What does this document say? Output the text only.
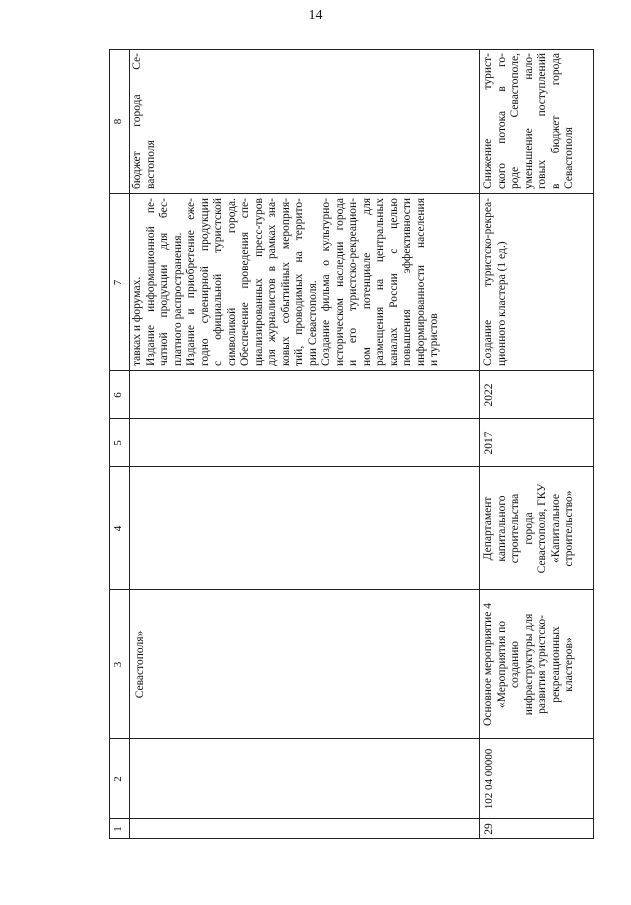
14
1
2
3
4
5
6
7
8
Севастополя»
тавках и форумах. Издание информационной пе- чатной продукции для бес- платного распространения. Издание и приобретение еже- годно сувенирной продукции с официальной туристской символикой города. Обеспечение проведения спе- циализированных пресс-туров для журналистов в рамках зна- ковых событийных мероприя- тий, проводимых на террито- рии Севастополя. Создание фильма о культурно- историческом наследии города и его туристско-рекреацион- ном потенциале для размещения на центральных каналах России с целью повышения эффективности информированности населения и туристов
бюджет города Се- вастополя
29
102 04 00000
Основное мероприятие 4 «Мероприятия по созданию инфраструктуры для развития туристско- рекреационных кластеров»
Департамент капитального строительства города Севастополя, ГКУ «Капитальное строительство»
2017
2022
Создание туристско-рекреа- ционного кластера (1 ед.)
Снижение турист- ского потока в го- роде Севастополе, уменьшение нало- говых поступлений в бюджет города Севастополя
